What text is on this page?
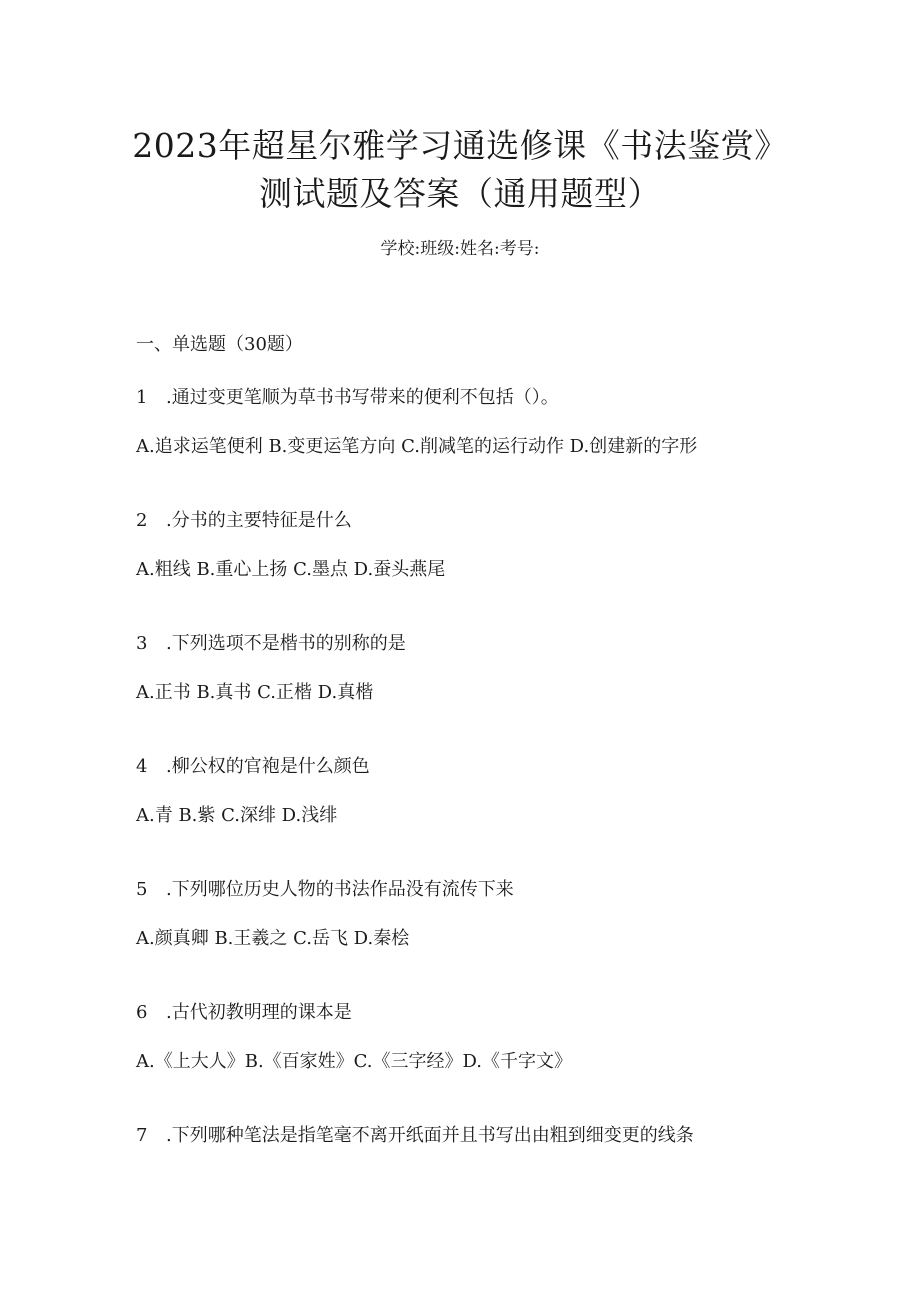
2023年超星尔雅学习通选修课《书法鉴赏》
测试题及答案（通用题型）
学校:班级:姓名:考号:
一、单选题（30题）
1 .通过变更笔顺为草书书写带来的便利不包括（）。
A.追求运笔便利 B.变更运笔方向 C.削减笔的运行动作 D.创建新的字形
2 .分书的主要特征是什么
A.粗线 B.重心上扬 C.墨点 D.蚕头燕尾
3 .下列选项不是楷书的别称的是
A.正书 B.真书 C.正楷 D.真楷
4 .柳公权的官袍是什么颜色
A.青 B.紫 C.深绯 D.浅绯
5 .下列哪位历史人物的书法作品没有流传下来
A.颜真卿 B.王羲之 C.岳飞 D.秦桧
6 .古代初教明理的课本是
A.《上大人》B.《百家姓》C.《三字经》D.《千字文》
7 .下列哪种笔法是指笔毫不离开纸面并且书写出由粗到细变更的线条
